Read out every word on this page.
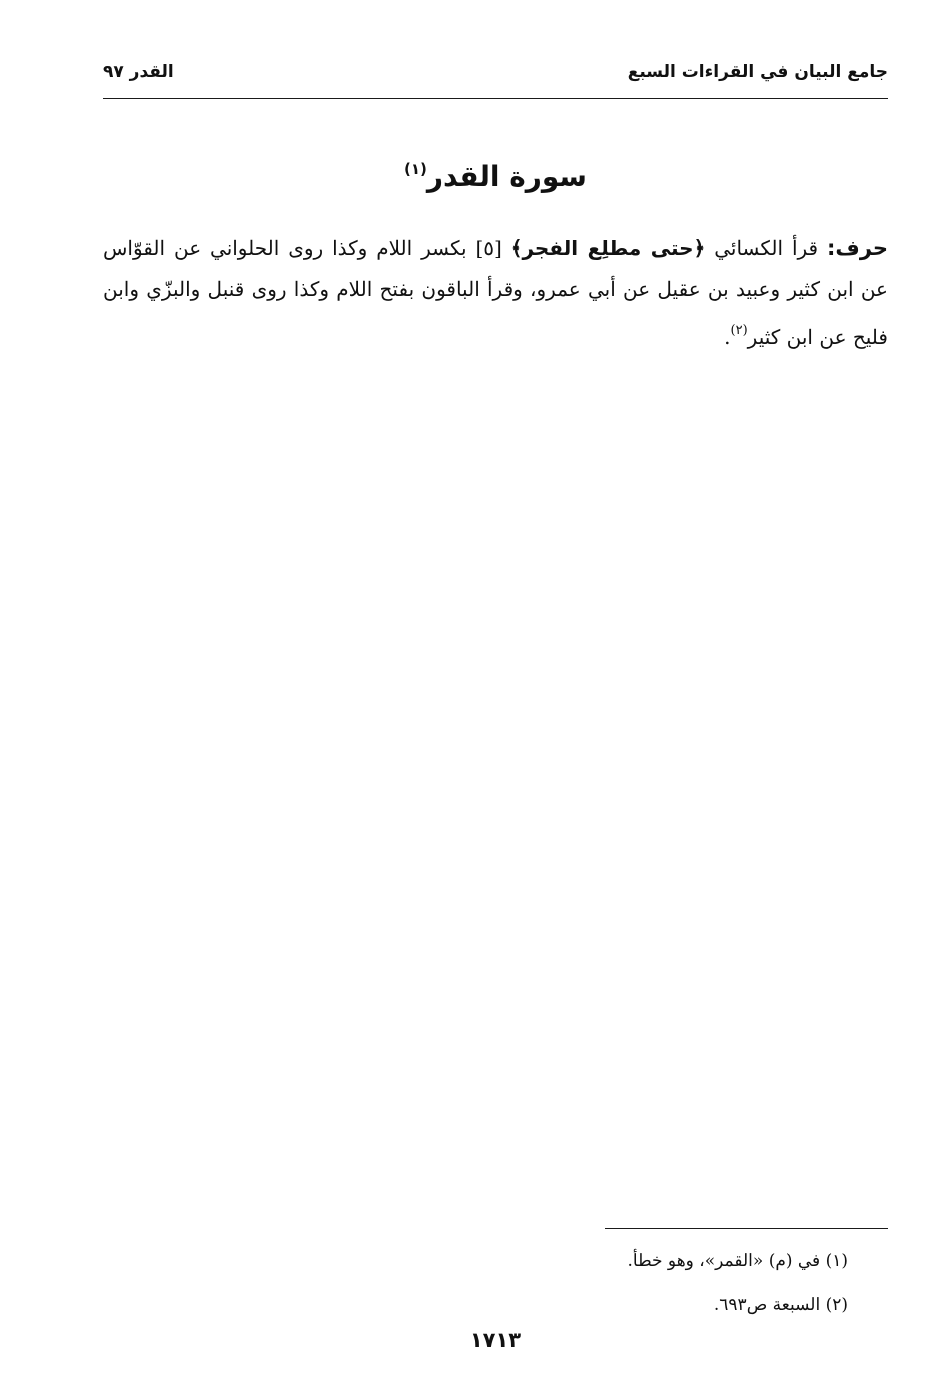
جامع البيان في القراءات السبع
القدر ٩٧
سورة القدر$^{(١)}$
حرف: قرأ الكسائي ﴿حتى مطلِع الفجر﴾ [٥] بكسر اللام وكذا روى الحلواني عن القوّاس عن ابن كثير وعبيد بن عقيل عن أبي عمرو، وقرأ الباقون بفتح اللام وكذا روى قنبل والبزّي وابن فليح عن ابن كثير$^{(٢)}$.
(١) في (م) «القمر»، وهو خطأ.
(٢) السبعة ص٦٩٣.
١٧١٣
